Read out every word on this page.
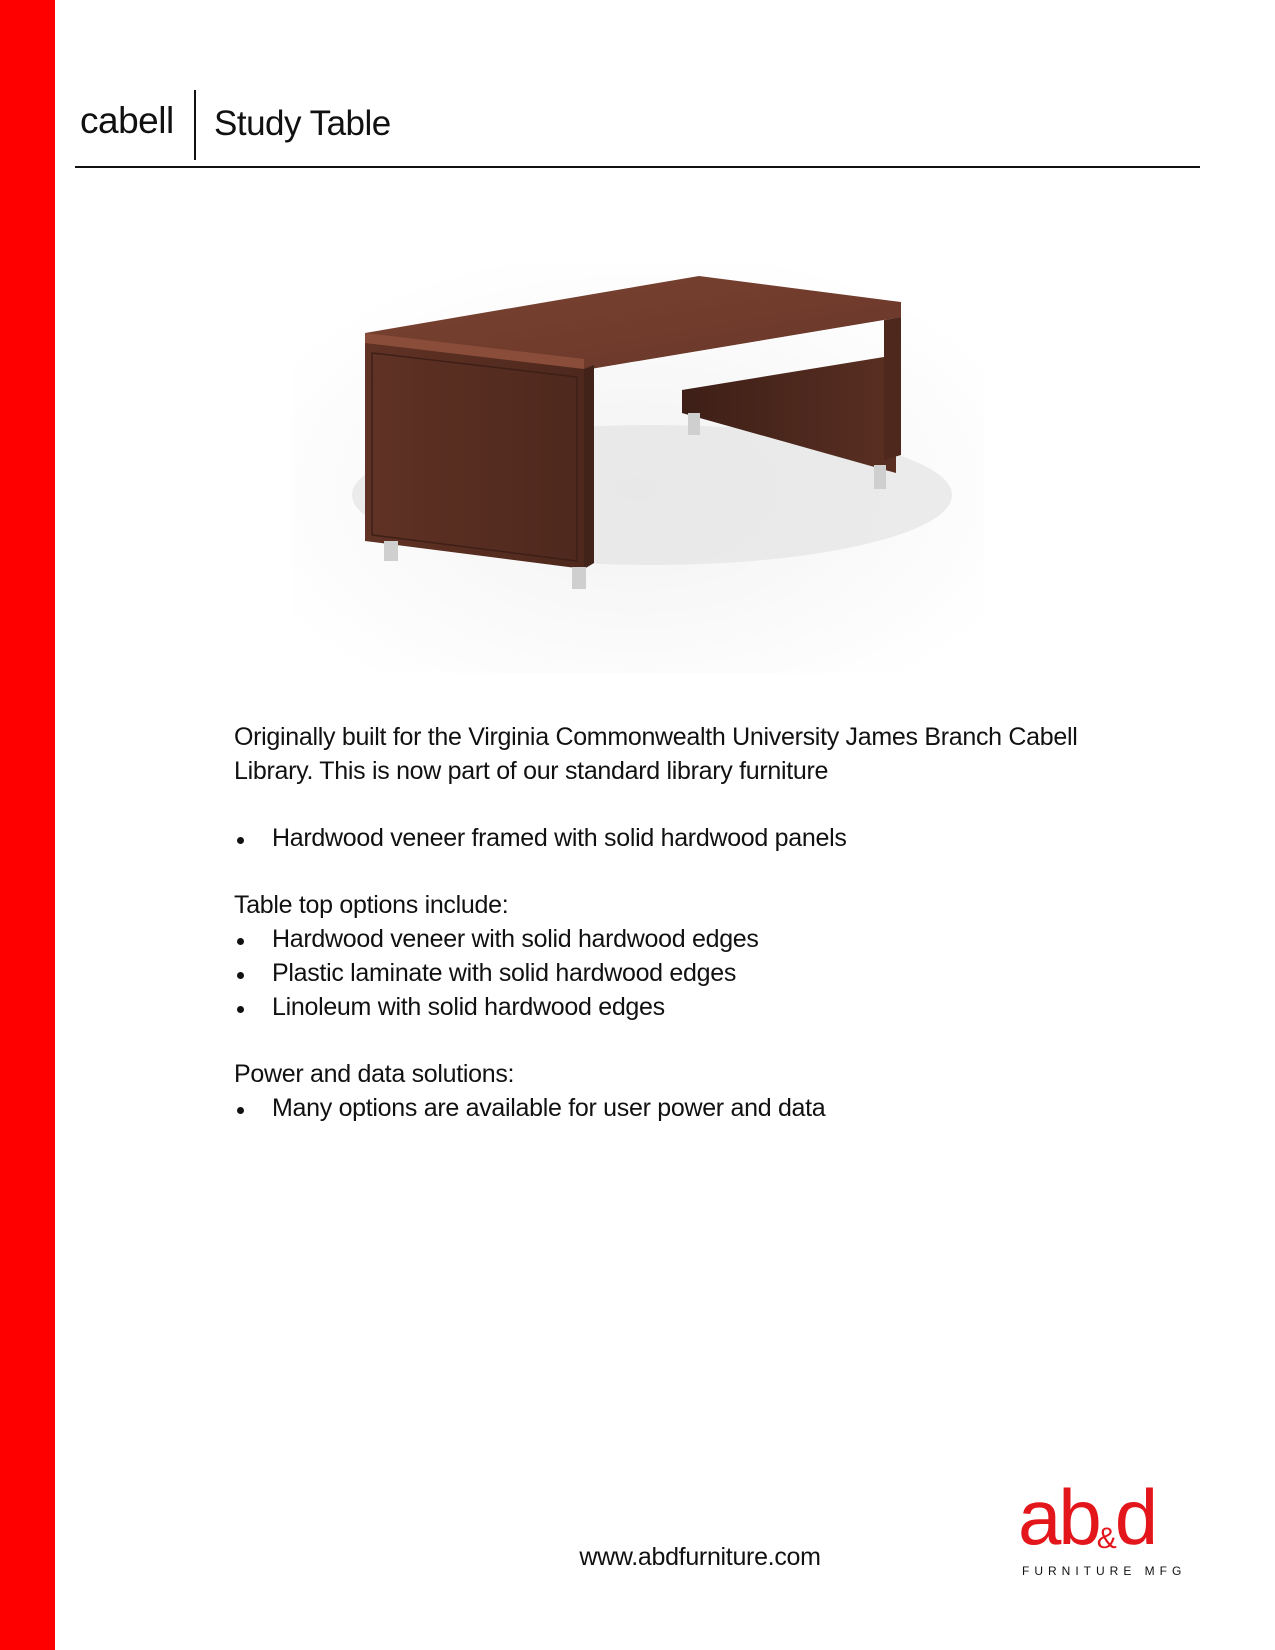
cabell Study Table

Originally built for the Virginia Commonwealth University James Branch Cabell

Library. This is now part of our standard library furniture

Hardwood veneer framed with solid hardwood panels

Table top options include:

Hardwood veneer with solid hardwood edges
Plastic laminate with solid hardwood edges
Linoleum with solid hardwood edges

Power and data solutions:

Many options are available for user power and data
www.abdfurniture.com	ab&d
FURNITURE MFG
